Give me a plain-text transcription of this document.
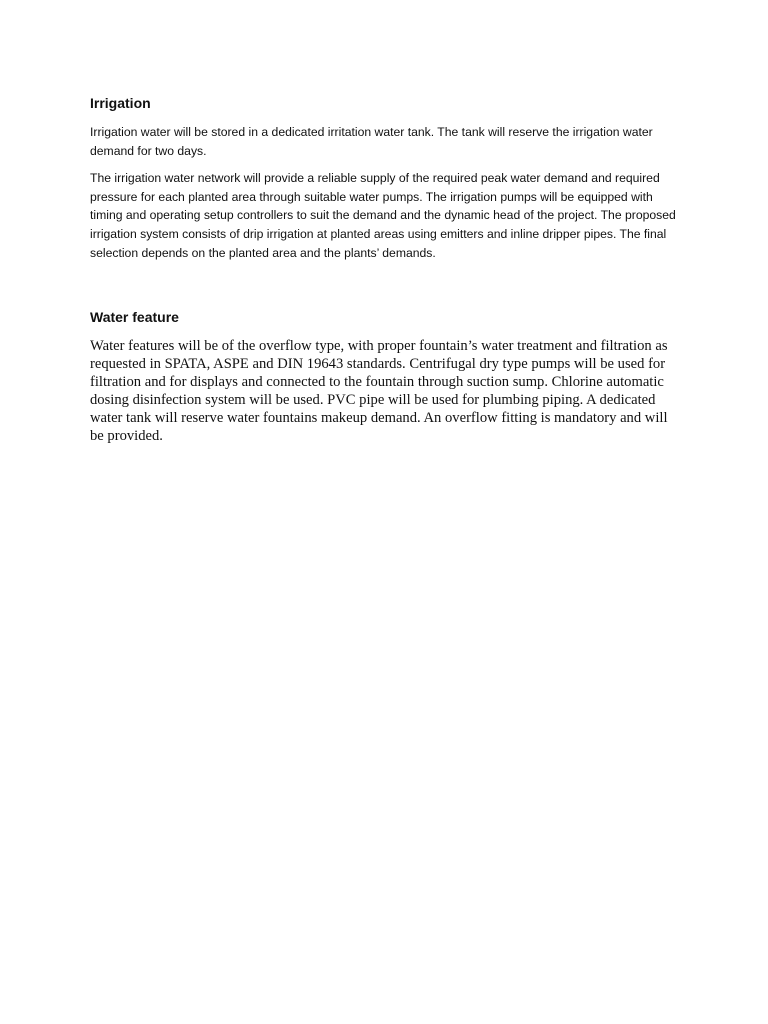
Irrigation

Irrigation water will be stored in a dedicated irritation water tank. The tank will reserve the irrigation water demand for two days.

The irrigation water network will provide a reliable supply of the required peak water demand and required pressure for each planted area through suitable water pumps. The irrigation pumps will be equipped with timing and operating setup controllers to suit the demand and the dynamic head of the project. The proposed irrigation system consists of drip irrigation at planted areas using emitters and inline dripper pipes. The final selection depends on the planted area and the plants’ demands.

Water feature

Water features will be of the overflow type, with proper fountain’s water treatment and filtration as requested in SPATA, ASPE and DIN 19643 standards. Centrifugal dry type pumps will be used for filtration and for displays and connected to the fountain through suction sump. Chlorine automatic dosing disinfection system will be used. PVC pipe will be used for plumbing piping. A dedicated water tank will reserve water fountains makeup demand. An overflow fitting is mandatory and will be provided.
